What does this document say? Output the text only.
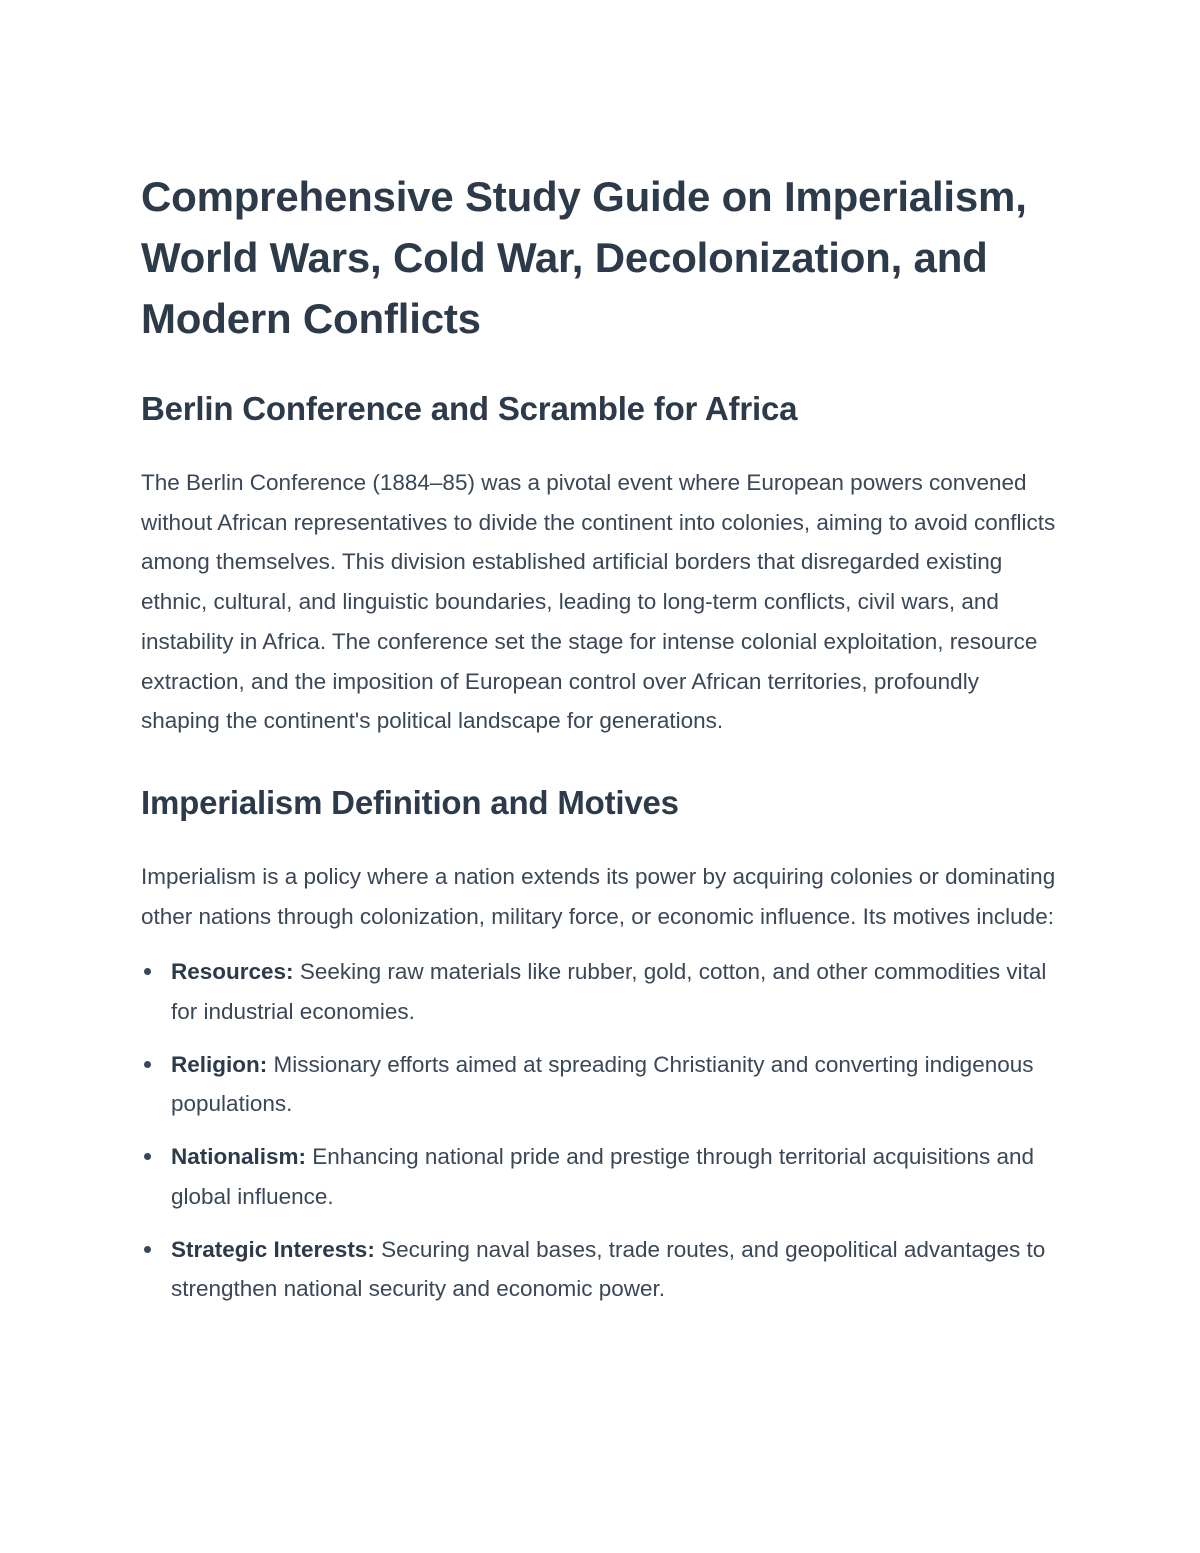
Comprehensive Study Guide on Imperialism, World Wars, Cold War, Decolonization, and Modern Conflicts
Berlin Conference and Scramble for Africa

The Berlin Conference (1884–85) was a pivotal event where European powers convened without African representatives to divide the continent into colonies, aiming to avoid conflicts among themselves. This division established artificial borders that disregarded existing ethnic, cultural, and linguistic boundaries, leading to long-term conflicts, civil wars, and instability in Africa. The conference set the stage for intense colonial exploitation, resource extraction, and the imposition of European control over African territories, profoundly shaping the continent's political landscape for generations.

Imperialism Definition and Motives

Imperialism is a policy where a nation extends its power by acquiring colonies or dominating other nations through colonization, military force, or economic influence. Its motives include:

Resources: Seeking raw materials like rubber, gold, cotton, and other commodities vital for industrial economies.
Religion: Missionary efforts aimed at spreading Christianity and converting indigenous populations.
Nationalism: Enhancing national pride and prestige through territorial acquisitions and global influence.
Strategic Interests: Securing naval bases, trade routes, and geopolitical advantages to strengthen national security and economic power.
